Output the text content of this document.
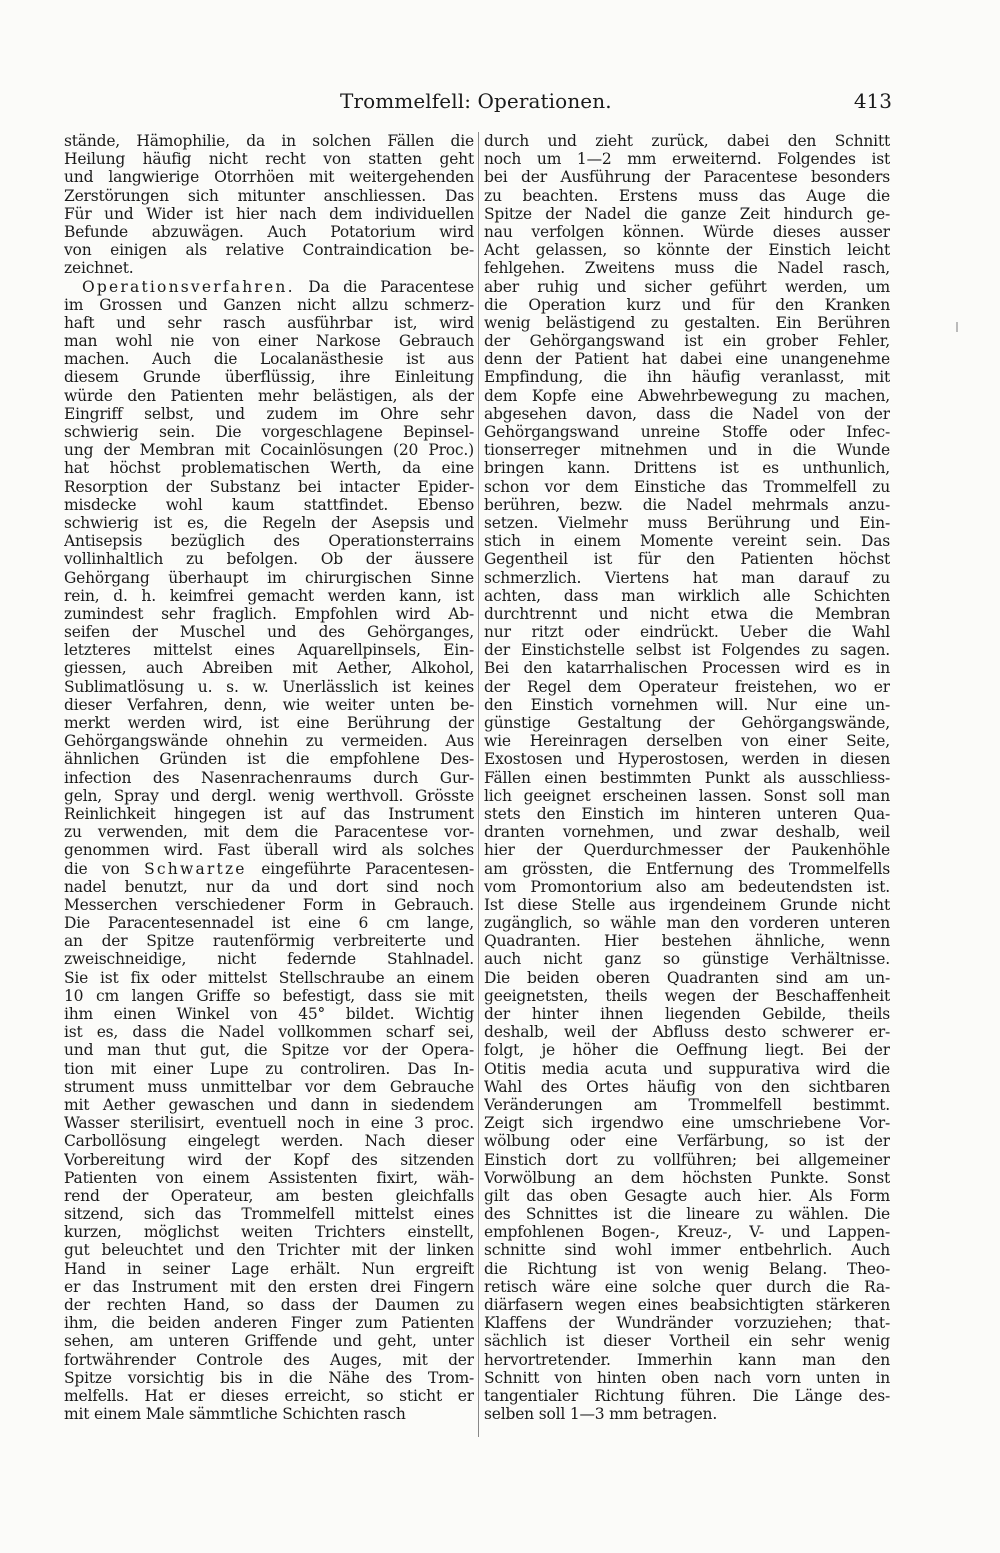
Trommelfell: Operationen.	413
stände, Hämophilie, da in solchen Fällen die
Heilung häufig nicht recht von statten geht
und langwierige Otorrhöen mit weitergehenden
Zerstörungen sich mitunter anschliessen. Das
Für und Wider ist hier nach dem individuellen
Befunde abzuwägen. Auch Potatorium wird
von einigen als relative Contraindication be-
zeichnet.
Operationsverfahren. Da die Paracentese
im Grossen und Ganzen nicht allzu schmerz-
haft und sehr rasch ausführbar ist, wird
man wohl nie von einer Narkose Gebrauch
machen. Auch die Localanästhesie ist aus
diesem Grunde überflüssig, ihre Einleitung
würde den Patienten mehr belästigen, als der
Eingriff selbst, und zudem im Ohre sehr
schwierig sein. Die vorgeschlagene Bepinsel-
ung der Membran mit Cocainlösungen (20 Proc.)
hat höchst problematischen Werth, da eine
Resorption der Substanz bei intacter Epider-
misdecke wohl kaum stattfindet. Ebenso
schwierig ist es, die Regeln der Asepsis und
Antisepsis bezüglich des Operationsterrains
vollinhaltlich zu befolgen. Ob der äussere
Gehörgang überhaupt im chirurgischen Sinne
rein, d. h. keimfrei gemacht werden kann, ist
zumindest sehr fraglich. Empfohlen wird Ab-
seifen der Muschel und des Gehörganges,
letzteres mittelst eines Aquarellpinsels, Ein-
giessen, auch Abreiben mit Aether, Alkohol,
Sublimatlösung u. s. w. Unerlässlich ist keines
dieser Verfahren, denn, wie weiter unten be-
merkt werden wird, ist eine Berührung der
Gehörgangswände ohnehin zu vermeiden. Aus
ähnlichen Gründen ist die empfohlene Des-
infection des Nasenrachenraums durch Gur-
geln, Spray und dergl. wenig werthvoll. Grösste
Reinlichkeit hingegen ist auf das Instrument
zu verwenden, mit dem die Paracentese vor-
genommen wird. Fast überall wird als solches
die von Schwartze eingeführte Paracentesen-
nadel benutzt, nur da und dort sind noch
Messerchen verschiedener Form in Gebrauch.
Die Paracentesennadel ist eine 6 cm lange,
an der Spitze rautenförmig verbreiterte und
zweischneidige, nicht federnde Stahlnadel.
Sie ist fix oder mittelst Stellschraube an einem
10 cm langen Griffe so befestigt, dass sie mit
ihm einen Winkel von 45° bildet. Wichtig
ist es, dass die Nadel vollkommen scharf sei,
und man thut gut, die Spitze vor der Opera-
tion mit einer Lupe zu controliren. Das In-
strument muss unmittelbar vor dem Gebrauche
mit Aether gewaschen und dann in siedendem
Wasser sterilisirt, eventuell noch in eine 3 proc.
Carbollösung eingelegt werden. Nach dieser
Vorbereitung wird der Kopf des sitzenden
Patienten von einem Assistenten fixirt, wäh-
rend der Operateur, am besten gleichfalls
sitzend, sich das Trommelfell mittelst eines
kurzen, möglichst weiten Trichters einstellt,
gut beleuchtet und den Trichter mit der linken
Hand in seiner Lage erhält. Nun ergreift
er das Instrument mit den ersten drei Fingern
der rechten Hand, so dass der Daumen zu
ihm, die beiden anderen Finger zum Patienten
sehen, am unteren Griffende und geht, unter
fortwährender Controle des Auges, mit der
Spitze vorsichtig bis in die Nähe des Trom-
melfells. Hat er dieses erreicht, so sticht er
mit einem Male sämmtliche Schichten rasch
durch und zieht zurück, dabei den Schnitt
noch um 1—2 mm erweiternd. Folgendes ist
bei der Ausführung der Paracentese besonders
zu beachten. Erstens muss das Auge die
Spitze der Nadel die ganze Zeit hindurch ge-
nau verfolgen können. Würde dieses ausser
Acht gelassen, so könnte der Einstich leicht
fehlgehen. Zweitens muss die Nadel rasch,
aber ruhig und sicher geführt werden, um
die Operation kurz und für den Kranken
wenig belästigend zu gestalten. Ein Berühren
der Gehörgangswand ist ein grober Fehler,
denn der Patient hat dabei eine unangenehme
Empfindung, die ihn häufig veranlasst, mit
dem Kopfe eine Abwehrbewegung zu machen,
abgesehen davon, dass die Nadel von der
Gehörgangswand unreine Stoffe oder Infec-
tionserreger mitnehmen und in die Wunde
bringen kann. Drittens ist es unthunlich,
schon vor dem Einstiche das Trommelfell zu
berühren, bezw. die Nadel mehrmals anzu-
setzen. Vielmehr muss Berührung und Ein-
stich in einem Momente vereint sein. Das
Gegentheil ist für den Patienten höchst
schmerzlich. Viertens hat man darauf zu
achten, dass man wirklich alle Schichten
durchtrennt und nicht etwa die Membran
nur ritzt oder eindrückt. Ueber die Wahl
der Einstichstelle selbst ist Folgendes zu sagen.
Bei den katarrhalischen Processen wird es in
der Regel dem Operateur freistehen, wo er
den Einstich vornehmen will. Nur eine un-
günstige Gestaltung der Gehörgangswände,
wie Hereinragen derselben von einer Seite,
Exostosen und Hyperostosen, werden in diesen
Fällen einen bestimmten Punkt als ausschliess-
lich geeignet erscheinen lassen. Sonst soll man
stets den Einstich im hinteren unteren Qua-
dranten vornehmen, und zwar deshalb, weil
hier der Querdurchmesser der Paukenhöhle
am grössten, die Entfernung des Trommelfells
vom Promontorium also am bedeutendsten ist.
Ist diese Stelle aus irgendeinem Grunde nicht
zugänglich, so wähle man den vorderen unteren
Quadranten. Hier bestehen ähnliche, wenn
auch nicht ganz so günstige Verhältnisse.
Die beiden oberen Quadranten sind am un-
geeignetsten, theils wegen der Beschaffenheit
der hinter ihnen liegenden Gebilde, theils
deshalb, weil der Abfluss desto schwerer er-
folgt, je höher die Oeffnung liegt. Bei der
Otitis media acuta und suppurativa wird die
Wahl des Ortes häufig von den sichtbaren
Veränderungen am Trommelfell bestimmt.
Zeigt sich irgendwo eine umschriebene Vor-
wölbung oder eine Verfärbung, so ist der
Einstich dort zu vollführen; bei allgemeiner
Vorwölbung an dem höchsten Punkte. Sonst
gilt das oben Gesagte auch hier. Als Form
des Schnittes ist die lineare zu wählen. Die
empfohlenen Bogen-, Kreuz-, V- und Lappen-
schnitte sind wohl immer entbehrlich. Auch
die Richtung ist von wenig Belang. Theo-
retisch wäre eine solche quer durch die Ra-
diärfasern wegen eines beabsichtigten stärkeren
Klaffens der Wundränder vorzuziehen; that-
sächlich ist dieser Vortheil ein sehr wenig
hervortretender. Immerhin kann man den
Schnitt von hinten oben nach vorn unten in
tangentialer Richtung führen. Die Länge des-
selben soll 1—3 mm betragen.
